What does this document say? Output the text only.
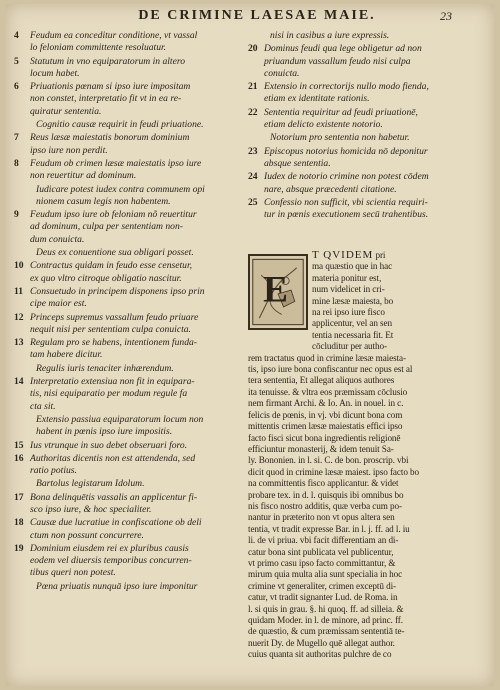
DE CRIMINE LAESAE MAIE.	23
4 Feudum ea conceditur conditione, vt vassal
lo feloniam committente resoluatur.
5 Statutum in vno equiparatorum in altero
locum habet.
6 Priuationis pœnam si ipso iure impositam
non constet, interpretatio fit vt in ea re-
quiratur sententia.
Cognitio causæ requirit in feudi priuatione.
7 Reus læsæ maiestatis bonorum dominium
ipso iure non perdit.
8 Feudum ob crimen læsæ maiestatis ipso iure
non reuertitur ad dominum.
Iudicare potest iudex contra communem opi
nionem casum legis non habentem.
9 Feudum ipso iure ob feloniam nõ reuertitur
ad dominum, culpa per sententiam non-
dum conuicta.
Deus ex conuentione sua obligari posset.
10 Contractus quidam in feudo esse censetur,
ex quo vltro citroque obligatio nascitur.
11 Consuetudo in principem disponens ipso prin
cipe maior est.
12 Princeps supremus vassallum feudo priuare
nequit nisi per sententiam culpa conuicta.
13 Regulam pro se habens, intentionem funda-
tam habere dicitur.
Regulis iuris tenaciter inhærendum.
14 Interpretatio extensiua non fit in equipara-
tis, nisi equiparatio per modum regule fa
cta sit.
Extensio passiua equiparatorum locum non
habent in pœnis ipso iure impositis.
15 Ius vtrunque in suo debet obseruari foro.
16 Authoritas dicentis non est attendenda, sed
ratio potius.
Bartolus legistarum Idolum.
17 Bona delinquētis vassalis an applicentur fi-
sco ipso iure, & hoc specialiter.
18 Causæ due lucratiue in confiscatione ob deli
ctum non possunt concurrere.
19 Dominium eiusdem rei ex pluribus causis
eodem vel diuersis temporibus concurren-
tibus queri non potest.
Pœna priuatis nunquā ipso iure imponitur
nisi in casibus a iure expressis.
20 Dominus feudi qua lege obligetur ad non
priuandum vassallum feudo nisi culpa
conuicta.
21 Extensio in correctorijs nullo modo fienda,
etiam ex identitate rationis.
22 Sententia requiritur ad feudi priuationē,
etiam delicto existente notorio.
Notorium pro sententia non habetur.
23 Episcopus notorius homicida nō deponitur
absque sententia.
24 Iudex de notorio crimine non potest cōdem
nare, absque præcedenti citatione.
25 Confessio non sufficit, vbi scientia requiri-
tur in pœnis executionem secū trahentibus.
E
T QVIDEM pri
ma quæstio que in hac
materia ponitur est,
num videlicet in cri-
mine læsæ maiesta, bo
na rei ipso iure fisco
applicentur, vel an sen
tentia necessaria fit. Et
cōcluditur per autho-
rem tractatus quod in crimine læsæ maiesta-
tis, ipso iure bona confiscantur nec opus est al
tera sententia, Et allegat aliquos authores
ita tenuisse. & vltra eos præmissam cōclusio
nem firmant Archi. & Io. An. in nouel. in c.
felicis de pœnis, in vj. vbi dicunt bona com
mittentis crimen læsæ maiestatis effici ipso
facto fisci sicut bona ingredientis religionē
efficiuntur monasterij, & idem tenuit Sa-
ly. Bononien. in l. si. C. de bon. proscrip. vbi
dicit quod in crimine læsæ maiest. ipso facto bo
na committentis fisco applicantur. & videt
probare tex. in d. l. quisquis ibi omnibus bo
nis fisco nostro additis, quæ verba cum po-
nantur in præterito non vt opus altera sen
tentia, vt tradit expresse Bar. in l. j. ff. ad l. iu
li. de vi priua. vbi facit differentiam an di-
catur bona sint publicata vel publicentur,
vt primo casu ipso facto committantur, &
mirum quia multa alia sunt specialia in hoc
crimine vt generaliter, crimen exceptū di-
catur, vt tradit signanter Lud. de Roma. in
l. si quis in grau. §. hi quoq. ff. ad silleia. &
quidam Moder. in l. de minore, ad princ. ff.
de quæstio, & cum præmissam sententiā te-
nuerit Dy. de Mugello quē allegat author.
cuius quanta sit authoritas pulchre de co
